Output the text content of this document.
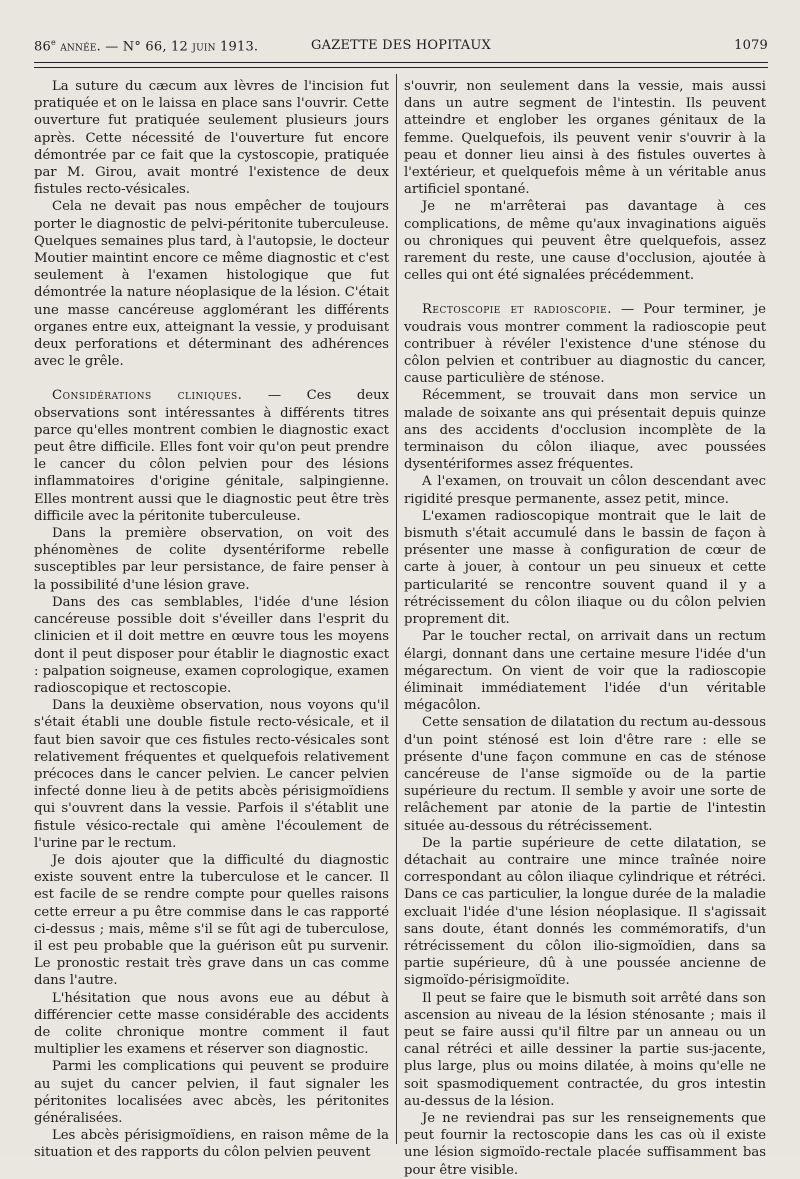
86e année. — N° 66, 12 juin 1913.	GAZETTE DES HOPITAUX	1079

La suture du cæcum aux lèvres de l'incision fut pratiquée et on le laissa en place sans l'ouvrir. Cette ouverture fut pratiquée seulement plusieurs jours après. Cette nécessité de l'ouverture fut encore démontrée par ce fait que la cystoscopie, pratiquée par M. Girou, avait montré l'existence de deux fistules recto-vésicales.

Cela ne devait pas nous empêcher de toujours porter le diagnostic de pelvi-péritonite tuberculeuse. Quelques semaines plus tard, à l'autopsie, le docteur Moutier maintint encore ce même diagnostic et c'est seulement à l'examen histologique que fut démontrée la nature néoplasique de la lésion. C'était une masse cancéreuse agglomérant les différents organes entre eux, atteignant la vessie, y produisant deux perforations et déterminant des adhérences avec le grêle.

Considérations cliniques. — Ces deux observations sont intéressantes à différents titres parce qu'elles montrent combien le diagnostic exact peut être difficile. Elles font voir qu'on peut prendre le cancer du côlon pelvien pour des lésions inflammatoires d'origine génitale, salpingienne. Elles montrent aussi que le diagnostic peut être très difficile avec la péritonite tuberculeuse.

Dans la première observation, on voit des phénomènes de colite dysentériforme rebelle susceptibles par leur persistance, de faire penser à la possibilité d'une lésion grave.

Dans des cas semblables, l'idée d'une lésion cancéreuse possible doit s'éveiller dans l'esprit du clinicien et il doit mettre en œuvre tous les moyens dont il peut disposer pour établir le diagnostic exact : palpation soigneuse, examen coprologique, examen radioscopique et rectoscopie.

Dans la deuxième observation, nous voyons qu'il s'était établi une double fistule recto-vésicale, et il faut bien savoir que ces fistules recto-vésicales sont relativement fréquentes et quelquefois relativement précoces dans le cancer pelvien. Le cancer pelvien infecté donne lieu à de petits abcès périsigmoïdiens qui s'ouvrent dans la vessie. Parfois il s'établit une fistule vésico-rectale qui amène l'écoulement de l'urine par le rectum.

Je dois ajouter que la difficulté du diagnostic existe souvent entre la tuberculose et le cancer. Il est facile de se rendre compte pour quelles raisons cette erreur a pu être commise dans le cas rapporté ci-dessus ; mais, même s'il se fût agi de tuberculose, il est peu probable que la guérison eût pu survenir. Le pronostic restait très grave dans un cas comme dans l'autre.

L'hésitation que nous avons eue au début à différencier cette masse considérable des accidents de colite chronique montre comment il faut multiplier les examens et réserver son diagnostic.

Parmi les complications qui peuvent se produire au sujet du cancer pelvien, il faut signaler les péritonites localisées avec abcès, les péritonites généralisées.

Les abcès périsigmoïdiens, en raison même de la situation et des rapports du côlon pelvien peuvent

s'ouvrir, non seulement dans la vessie, mais aussi dans un autre segment de l'intestin. Ils peuvent atteindre et englober les organes génitaux de la femme. Quelquefois, ils peuvent venir s'ouvrir à la peau et donner lieu ainsi à des fistules ouvertes à l'extérieur, et quelquefois même à un véritable anus artificiel spontané.

Je ne m'arrêterai pas davantage à ces complications, de même qu'aux invaginations aiguës ou chroniques qui peuvent être quelquefois, assez rarement du reste, une cause d'occlusion, ajoutée à celles qui ont été signalées précédemment.

Rectoscopie et radioscopie. — Pour terminer, je voudrais vous montrer comment la radioscopie peut contribuer à révéler l'existence d'une sténose du côlon pelvien et contribuer au diagnostic du cancer, cause particulière de sténose.

Récemment, se trouvait dans mon service un malade de soixante ans qui présentait depuis quinze ans des accidents d'occlusion incomplète de la terminaison du côlon iliaque, avec poussées dysentériformes assez fréquentes.

A l'examen, on trouvait un côlon descendant avec rigidité presque permanente, assez petit, mince.

L'examen radioscopique montrait que le lait de bismuth s'était accumulé dans le bassin de façon à présenter une masse à configuration de cœur de carte à jouer, à contour un peu sinueux et cette particularité se rencontre souvent quand il y a rétrécissement du côlon iliaque ou du côlon pelvien proprement dit.

Par le toucher rectal, on arrivait dans un rectum élargi, donnant dans une certaine mesure l'idée d'un mégarectum. On vient de voir que la radioscopie éliminait immédiatement l'idée d'un véritable mégacôlon.

Cette sensation de dilatation du rectum au-dessous d'un point sténosé est loin d'être rare : elle se présente d'une façon commune en cas de sténose cancéreuse de l'anse sigmoïde ou de la partie supérieure du rectum. Il semble y avoir une sorte de relâchement par atonie de la partie de l'intestin située au-dessous du rétrécissement.

De la partie supérieure de cette dilatation, se détachait au contraire une mince traînée noire correspondant au côlon iliaque cylindrique et rétréci. Dans ce cas particulier, la longue durée de la maladie excluait l'idée d'une lésion néoplasique. Il s'agissait sans doute, étant donnés les commémoratifs, d'un rétrécissement du côlon ilio-sigmoïdien, dans sa partie supérieure, dû à une poussée ancienne de sigmoïdo-périsigmoïdite.

Il peut se faire que le bismuth soit arrêté dans son ascension au niveau de la lésion sténosante ; mais il peut se faire aussi qu'il filtre par un anneau ou un canal rétréci et aille dessiner la partie sus-jacente, plus large, plus ou moins dilatée, à moins qu'elle ne soit spasmodiquement contractée, du gros intestin au-dessus de la lésion.

Je ne reviendrai pas sur les renseignements que peut fournir la rectoscopie dans les cas où il existe une lésion sigmoïdo-rectale placée suffisamment bas pour être visible.
